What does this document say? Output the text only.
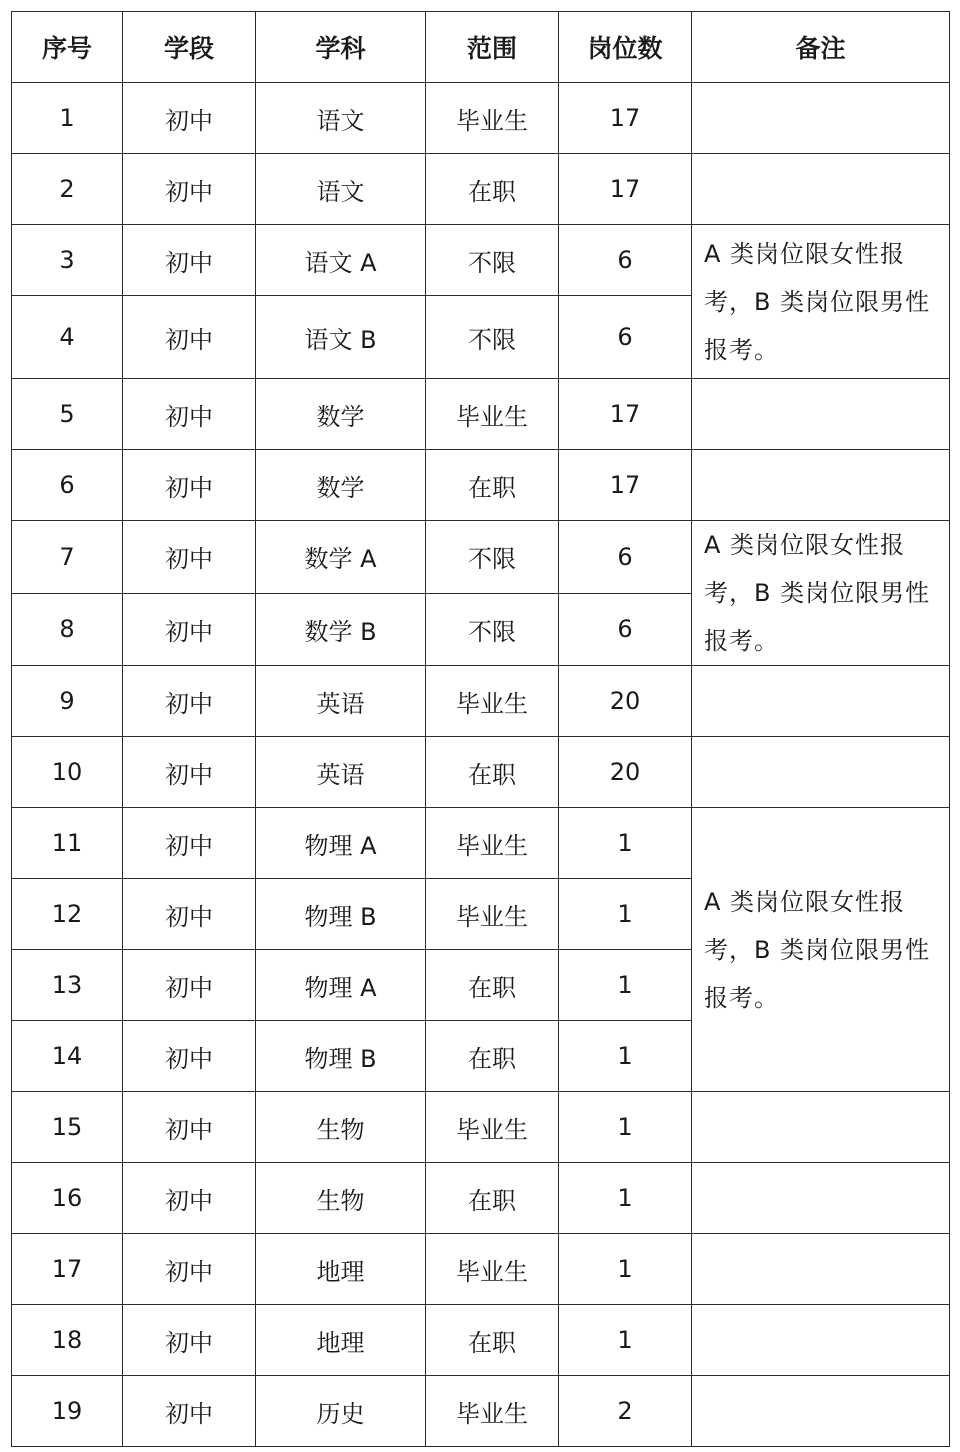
序号	学段	学科	范围	岗位数	备注
1	初中	语文	毕业生	17	
2	初中	语文	在职	17	
3	初中	语文 A	不限	6	A 类岗位限女性报考，B 类岗位限男性报考。
4	初中	语文 B	不限	6	
5	初中	数学	毕业生	17	
6	初中	数学	在职	17	
7	初中	数学 A	不限	6	A 类岗位限女性报考，B 类岗位限男性报考。
8	初中	数学 B	不限	6	
9	初中	英语	毕业生	20	
10	初中	英语	在职	20	
11	初中	物理 A	毕业生	1	A 类岗位限女性报考，B 类岗位限男性报考。
12	初中	物理 B	毕业生	1	
13	初中	物理 A	在职	1	
14	初中	物理 B	在职	1	
15	初中	生物	毕业生	1	
16	初中	生物	在职	1	
17	初中	地理	毕业生	1	
18	初中	地理	在职	1	
19	初中	历史	毕业生	2	
